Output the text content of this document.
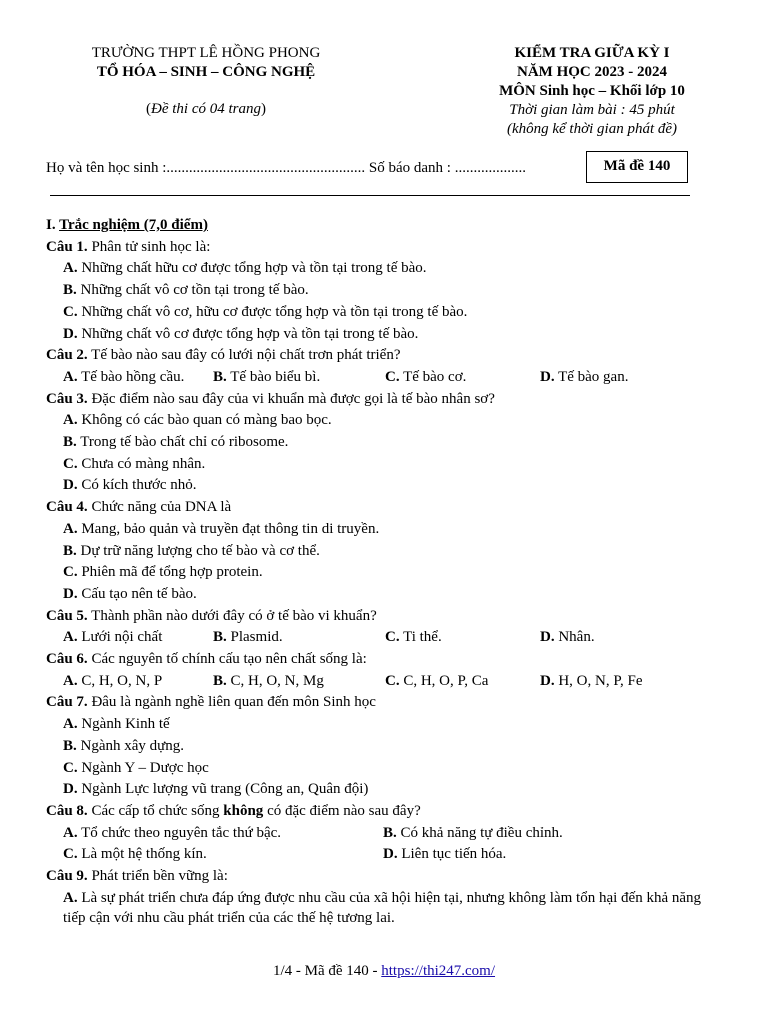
TRƯỜNG THPT LÊ HỒNG PHONG
TỔ HÓA – SINH – CÔNG NGHỆ
(Đề thi có 04 trang)
KIỂM TRA GIỮA KỲ I
NĂM HỌC 2023 - 2024
MÔN Sinh học – Khối lớp 10
Thời gian làm bài : 45 phút
(không kể thời gian phát đề)
Họ và tên học sinh :..................................................... Số báo danh : ...................	Mã đề 140
I. Trắc nghiệm (7,0 điểm)
Câu 1. Phân tử sinh học là:
A. Những chất hữu cơ được tổng hợp và tồn tại trong tế bào.
B. Những chất vô cơ tồn tại trong tế bào.
C. Những chất vô cơ, hữu cơ được tổng hợp và tồn tại trong tế bào.
D. Những chất vô cơ được tổng hợp và tồn tại trong tế bào.
Câu 2. Tế bào nào sau đây có lưới nội chất trơn phát triển?
A. Tế bào hồng cầu.	B. Tế bào biểu bì.	C. Tế bào cơ.	D. Tế bào gan.
Câu 3. Đặc điểm nào sau đây của vi khuẩn mà được gọi là tế bào nhân sơ?
A. Không có các bào quan có màng bao bọc.
B. Trong tế bào chất chỉ có ribosome.
C. Chưa có màng nhân.
D. Có kích thước nhỏ.
Câu 4. Chức năng của DNA là
A. Mang, bảo quản và truyền đạt thông tin di truyền.
B. Dự trữ năng lượng cho tế bào và cơ thể.
C. Phiên mã để tổng hợp protein.
D. Cấu tạo nên tế bào.
Câu 5. Thành phần nào dưới đây có ở tế bào vi khuẩn?
A. Lưới nội chất	B. Plasmid.	C. Ti thể.	D. Nhân.
Câu 6. Các nguyên tố chính cấu tạo nên chất sống là:
A. C, H, O, N, P	B. C, H, O, N, Mg	C. C, H, O, P, Ca	D. H, O, N, P, Fe
Câu 7. Đâu là ngành nghề liên quan đến môn Sinh học
A. Ngành Kinh tế
B. Ngành xây dựng.
C. Ngành Y – Dược học
D. Ngành Lực lượng vũ trang (Công an, Quân đội)
Câu 8. Các cấp tổ chức sống không có đặc điểm nào sau đây?
A. Tổ chức theo nguyên tắc thứ bậc.	B. Có khả năng tự điều chỉnh.
C. Là một hệ thống kín.	D. Liên tục tiến hóa.
Câu 9. Phát triển bền vững là:
A. Là sự phát triển chưa đáp ứng được nhu cầu của xã hội hiện tại, nhưng không làm tổn hại đến khả năng tiếp cận với nhu cầu phát triển của các thế hệ tương lai.
1/4 - Mã đề 140 - https://thi247.com/
